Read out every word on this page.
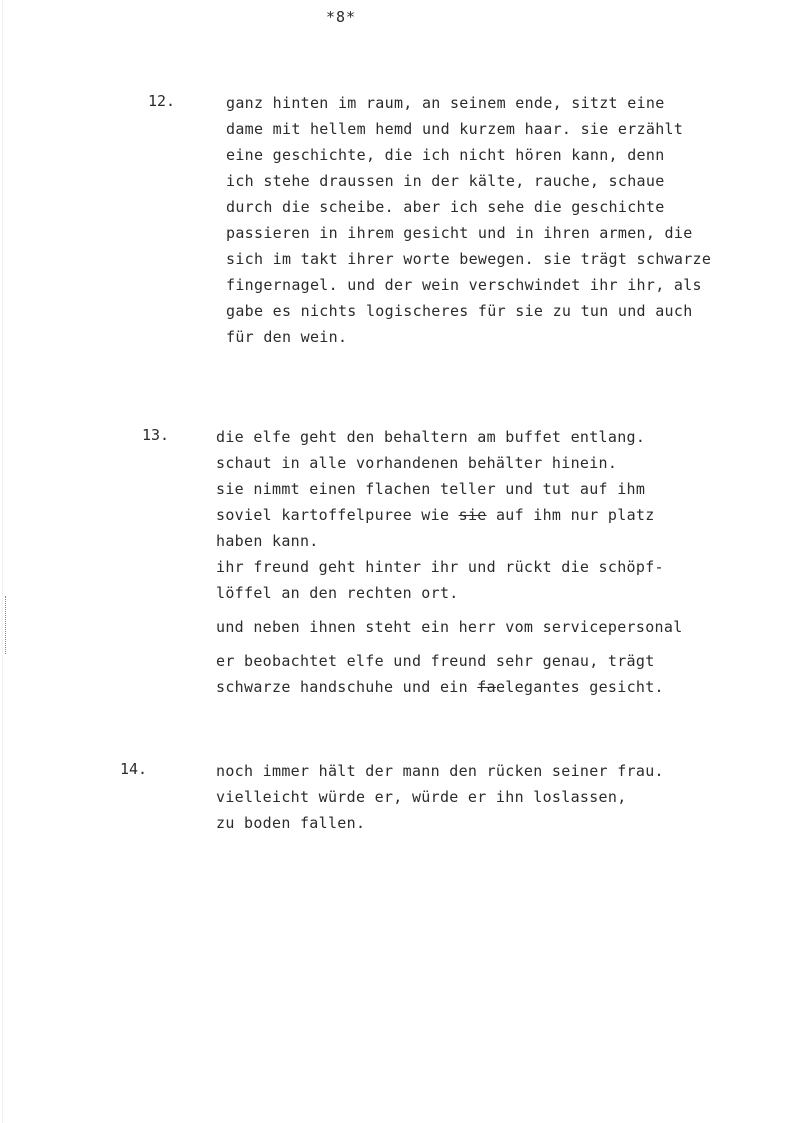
*8*
12.	ganz hinten im raum, an seinem ende, sitzt eine
dame mit hellem hemd und kurzem haar. sie erzählt
eine geschichte, die ich nicht hören kann, denn
ich stehe draussen in der kälte, rauche, schaue
durch die scheibe. aber ich sehe die geschichte
passieren in ihrem gesicht und in ihren armen, die
sich im takt ihrer worte bewegen. sie trägt schwarze
fingernagel. und der wein verschwindet ihr ihr, als
gabe es nichts logischeres für sie zu tun und auch
für den wein.
13.	die elfe geht den behaltern am buffet entlang.
schaut in alle vorhandenen behälter hinein.
sie nimmt einen flachen teller und tut auf ihm
soviel kartoffelpuree wie sie auf ihm nur platz
haben kann.
ihr freund geht hinter ihr und rückt die schöpf-
löffel an den rechten ort.
und neben ihnen steht ein herr vom servicepersonal
er beobachtet elfe und freund sehr genau, trägt
schwarze handschuhe und ein faelegantes gesicht.
14.	noch immer hält der mann den rücken seiner frau.
vielleicht würde er, würde er ihn loslassen,
zu boden fallen.
